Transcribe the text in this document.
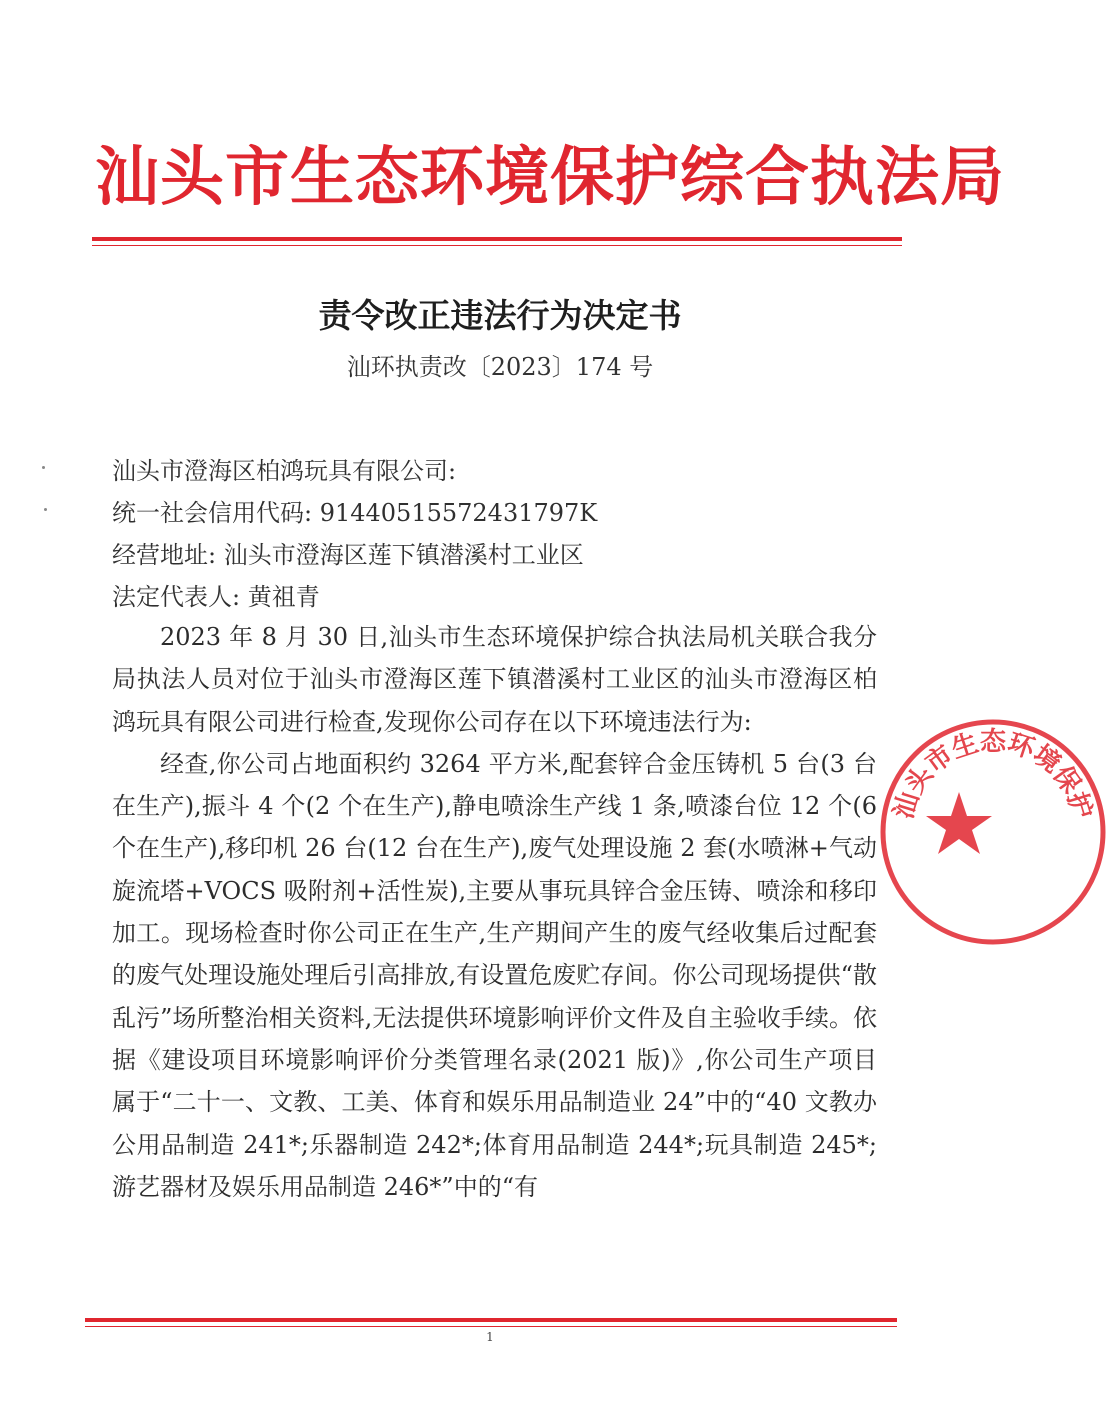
汕头市生态环境保护综合执法局
责令改正违法行为决定书
汕环执责改〔2023〕174 号
汕头市澄海区柏鸿玩具有限公司:
统一社会信用代码: 91440515572431797K
经营地址: 汕头市澄海区莲下镇潜溪村工业区
法定代表人: 黄祖青

2023 年 8 月 30 日,汕头市生态环境保护综合执法局机关联合我分局执法人员对位于汕头市澄海区莲下镇潜溪村工业区的汕头市澄海区柏鸿玩具有限公司进行检查,发现你公司存在以下环境违法行为:

经查,你公司占地面积约 3264 平方米,配套锌合金压铸机 5 台(3 台在生产),振斗 4 个(2 个在生产),静电喷涂生产线 1 条,喷漆台位 12 个(6 个在生产),移印机 26 台(12 台在生产),废气处理设施 2 套(水喷淋+气动旋流塔+VOCS 吸附剂+活性炭),主要从事玩具锌合金压铸、喷涂和移印加工。现场检查时你公司正在生产,生产期间产生的废气经收集后过配套的废气处理设施处理后引高排放,有设置危废贮存间。你公司现场提供“散乱污”场所整治相关资料,无法提供环境影响评价文件及自主验收手续。依据《建设项目环境影响评价分类管理名录(2021 版)》,你公司生产项目属于“二十一、文教、工美、体育和娱乐用品制造业 24”中的“40 文教办公用品制造 241*;乐器制造 242*;体育用品制造 244*;玩具制造 245*;游艺器材及娱乐用品制造 246*”中的“有

汕头市生态环境保护
1
